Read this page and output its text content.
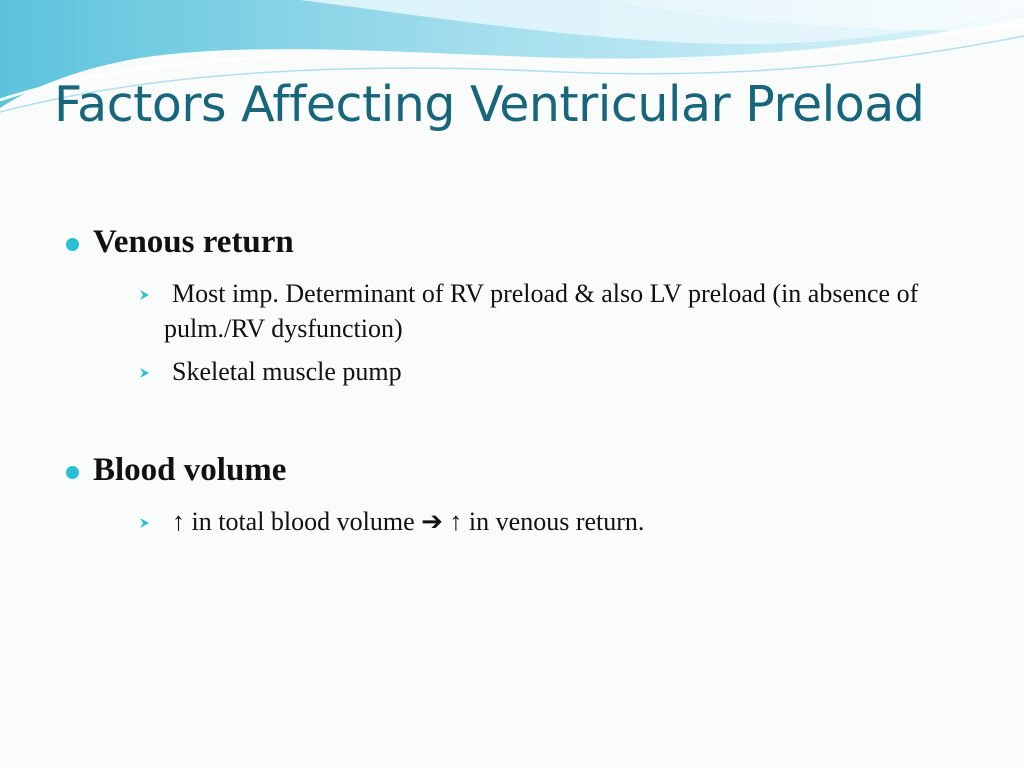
Factors Affecting Ventricular Preload
Venous return
Most imp. Determinant of RV preload & also LV preload (in absence of pulm./RV dysfunction)
Skeletal muscle pump
Blood volume
↑ in total blood volume ➔ ↑ in venous return.
